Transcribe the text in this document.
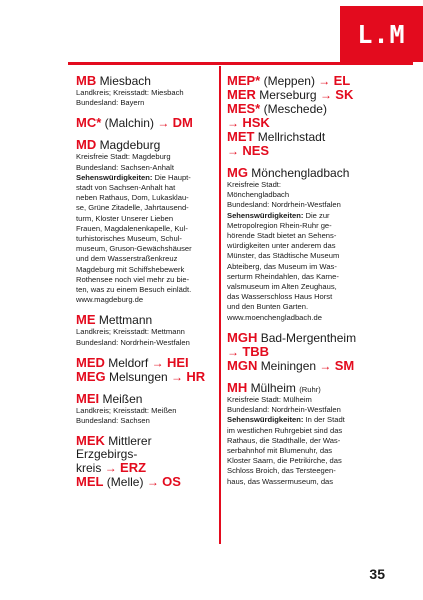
L.M
MB Miesbach
Landkreis; Kreisstadt: Miesbach
Bundesland: Bayern
MC* (Malchin) → DM
MD Magdeburg
Kreisfreie Stadt: Magdeburg
Bundesland: Sachsen-Anhalt
Sehenswürdigkeiten: Die Haupt-
stadt von Sachsen-Anhalt hat
neben Rathaus, Dom, Lukasklau-
se, Grüne Zitadelle, Jahrtausend-
turm, Kloster Unserer Lieben
Frauen, Magdalenenkapelle, Kul-
turhistorisches Museum, Schul-
museum, Gruson-Gewächshäuser
und dem Wasserstraßenkreuz
Magdeburg mit Schiffshebewerk
Rothensee noch viel mehr zu bie-
ten, was zu einem Besuch einlädt.
www.magdeburg.de
ME Mettmann
Landkreis; Kreisstadt: Mettmann
Bundesland: Nordrhein-Westfalen
MED Meldorf → HEI
MEG Melsungen → HR
MEI Meißen
Landkreis; Kreisstadt: Meißen
Bundesland: Sachsen
MEK Mittlerer Erzgebirgs-
kreis → ERZ
MEL (Melle) → OS
MEP* (Meppen) → EL
MER Merseburg → SK
MES* (Meschede)
→ HSK
MET Mellrichstadt
→ NES
MG Mönchengladbach
Kreisfreie Stadt:
Mönchengladbach
Bundesland: Nordrhein-Westfalen
Sehenswürdigkeiten: Die zur
Metropolregion Rhein-Ruhr ge-
hörende Stadt bietet an Sehens-
würdigkeiten unter anderem das
Münster, das Städtische Museum
Abteiberg, das Museum im Was-
serturm Rheindahlen, das Karne-
valsmuseum im Alten Zeughaus,
das Wasserschloss Haus Horst
und den Bunten Garten.
www.moenchengladbach.de
MGH Bad-Mergentheim
→ TBB
MGN Meiningen → SM
MH Mülheim (Ruhr)
Kreisfreie Stadt: Mülheim
Bundesland: Nordrhein-Westfalen
Sehenswürdigkeiten: In der Stadt
im westlichen Ruhrgebiet sind das
Rathaus, die Stadthalle, der Was-
serbahnhof mit Blumenuhr, das
Kloster Saarn, die Petrikirche, das
Schloss Broich, das Tersteegen-
haus, das Wassermuseum, das
35
